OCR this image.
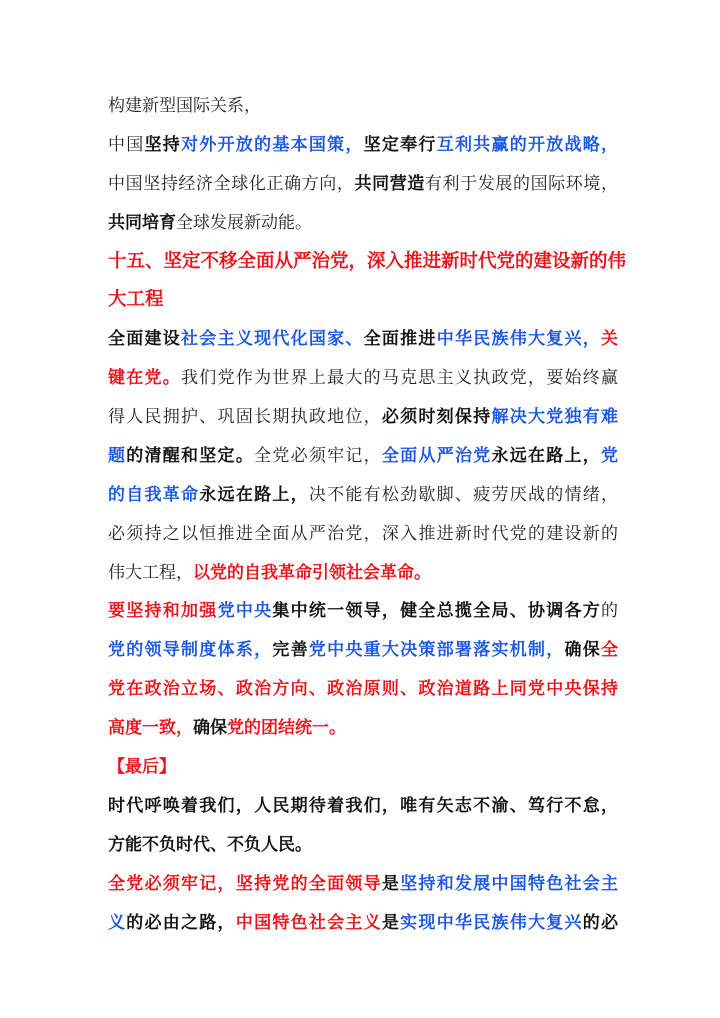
构建新型国际关系，
中国坚持对外开放的基本国策，坚定奉行互利共赢的开放战略，
中国坚持经济全球化正确方向，共同营造有利于发展的国际环境，
共同培育全球发展新动能。
十五、坚定不移全面从严治党，深入推进新时代党的建设新的伟
大工程
全面建设社会主义现代化国家、全面推进中华民族伟大复兴，关
键在党。我们党作为世界上最大的马克思主义执政党，要始终赢
得人民拥护、巩固长期执政地位，必须时刻保持解决大党独有难
题的清醒和坚定。全党必须牢记，全面从严治党永远在路上，党
的自我革命永远在路上，决不能有松劲歇脚、疲劳厌战的情绪，
必须持之以恒推进全面从严治党，深入推进新时代党的建设新的
伟大工程，以党的自我革命引领社会革命。
要坚持和加强党中央集中统一领导，健全总揽全局、协调各方的
党的领导制度体系，完善党中央重大决策部署落实机制，确保全
党在政治立场、政治方向、政治原则、政治道路上同党中央保持
高度一致，确保党的团结统一。
【最后】
时代呼唤着我们，人民期待着我们，唯有矢志不渝、笃行不怠，
方能不负时代、不负人民。
全党必须牢记，坚持党的全面领导是坚持和发展中国特色社会主
义的必由之路，中国特色社会主义是实现中华民族伟大复兴的必
